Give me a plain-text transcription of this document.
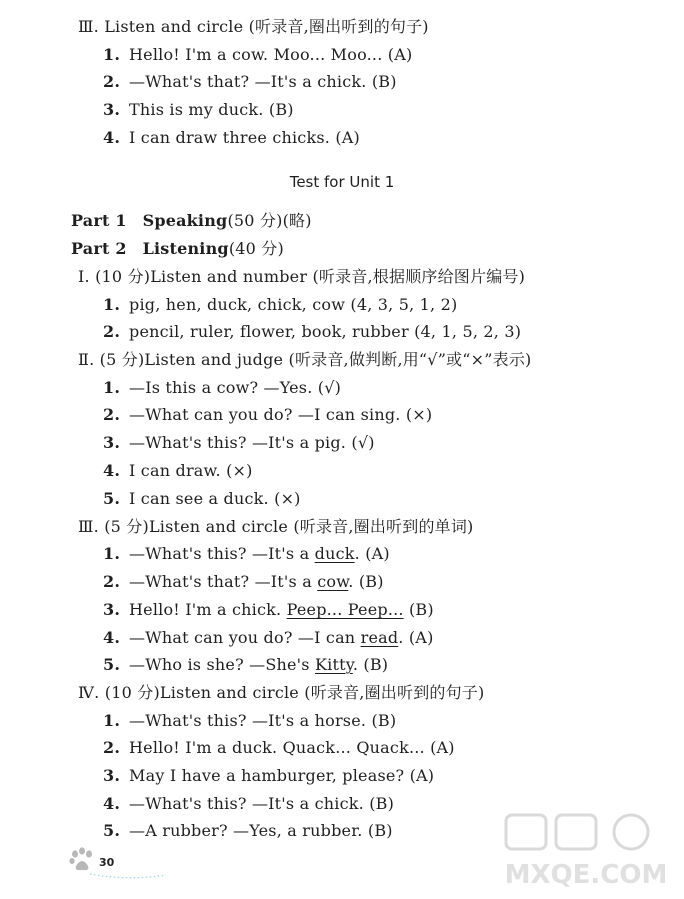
Ⅲ. Listen and circle (听录音,圈出听到的句子)
1. Hello! I'm a cow. Moo... Moo... (A)
2. —What's that? —It's a chick. (B)
3. This is my duck. (B)
4. I can draw three chicks. (A)
Test for Unit 1
Part 1 Speaking(50 分)(略)
Part 2 Listening(40 分)
Ⅰ. (10 分)Listen and number (听录音,根据顺序给图片编号)
1. pig, hen, duck, chick, cow (4, 3, 5, 1, 2)
2. pencil, ruler, flower, book, rubber (4, 1, 5, 2, 3)
Ⅱ. (5 分)Listen and judge (听录音,做判断,用“√”或“×”表示)
1. —Is this a cow? —Yes. (√)
2. —What can you do? —I can sing. (×)
3. —What's this? —It's a pig. (√)
4. I can draw. (×)
5. I can see a duck. (×)
Ⅲ. (5 分)Listen and circle (听录音,圈出听到的单词)
1. —What's this? —It's a duck. (A)
2. —What's that? —It's a cow. (B)
3. Hello! I'm a chick. Peep... Peep... (B)
4. —What can you do? —I can read. (A)
5. —Who is she? —She's Kitty. (B)
Ⅳ. (10 分)Listen and circle (听录音,圈出听到的句子)
1. —What's this? —It's a horse. (B)
2. Hello! I'm a duck. Quack... Quack... (A)
3. May I have a hamburger, please? (A)
4. —What's this? —It's a chick. (B)
5. —A rubber? —Yes, a rubber. (B)
30	MXQE.COM
